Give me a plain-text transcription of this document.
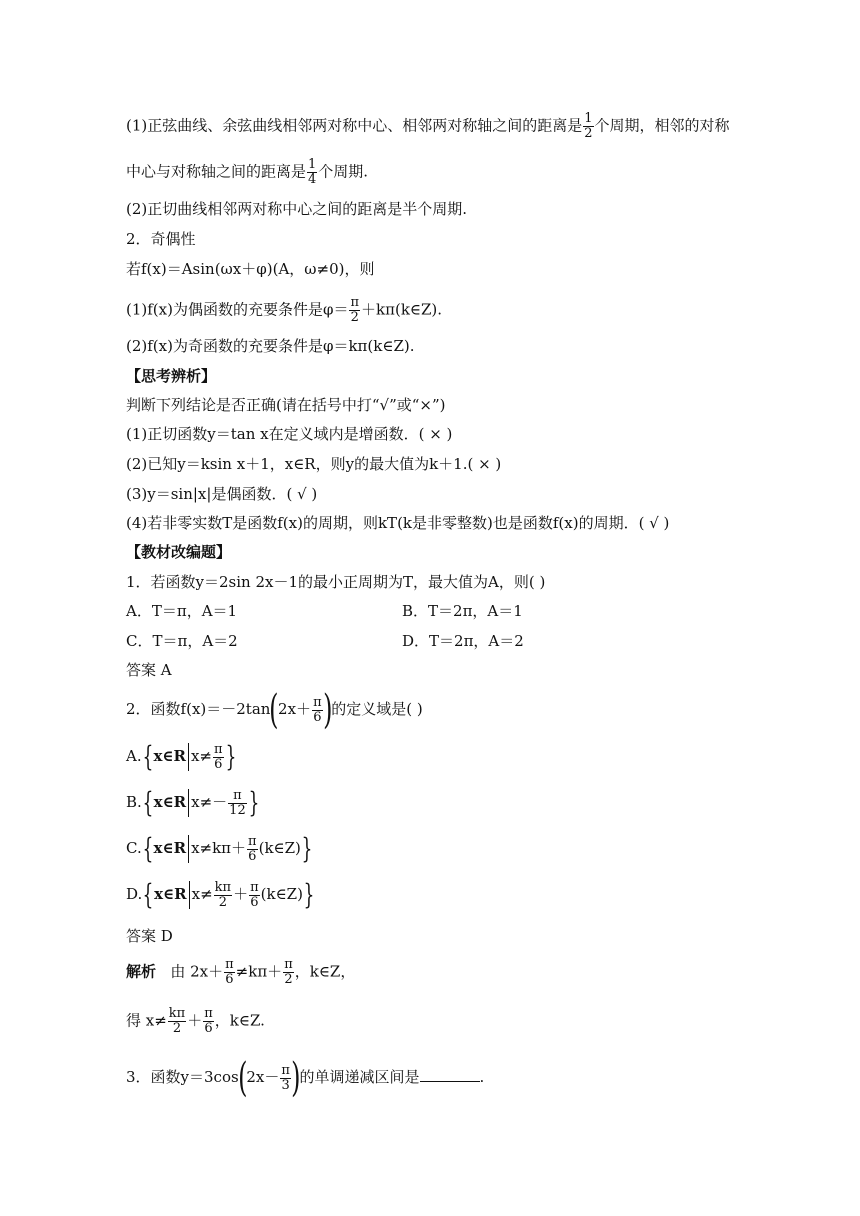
(1)正弦曲线、余弦曲线相邻两对称中心、相邻两对称轴之间的距离是 $\frac{1}{2}$ 个周期，相邻的对称
中心与对称轴之间的距离是 $\frac{1}{4}$ 个周期.
(2)正切曲线相邻两对称中心之间的距离是半个周期.
2．奇偶性
若f(x)＝Asin(ωx＋φ)(A，ω≠0)，则
(1)f(x)为偶函数的充要条件是$\varphi= \frac{\pi}{2}$ ＋kπ(k∈Z).
(2)f(x)为奇函数的充要条件是φ＝kπ(k∈Z).
【思考辨析】
判断下列结论是否正确(请在括号中打“√”或“×”)
(1)正切函数y＝tan x在定义域内是增函数．( × )
(2)已知y＝ksin x＋1，x∈R，则y的最大值为k＋1.( × )
(3)y＝sin|x|是偶函数．( √ )
(4)若非零实数T是函数f(x)的周期，则kT(k是非零整数)也是函数f(x)的周期．( √ )
【教材改编题】
1．若函数y＝2sin 2x－1的最小正周期为T，最大值为A，则( )
A．T＝π，A＝1	B．T＝2π，A＝1
C．T＝π，A＝2	D．T＝2π，A＝2
答案 A
2．函数$f(x)=-2\tan(2x+ \frac{\pi}{6}$ )的定义域是( )
A.{x∈R $x\ne \frac{\pi}{6}$ }
B.{x∈R $x\ne- \frac{\pi}{12}$ }
C.{x∈R $x\ne k\pi+ \frac{\pi}{6}$ (k∈Z)}
D.{x∈R $x\ne \frac{k\pi}{2} + \frac{\pi}{6}$ (k∈Z)}
答案 D
解析 由 $2x+ \frac{\pi}{6} \ne k\pi+ \frac{\pi}{2}$ ，k∈Z，
得 $x\ne \frac{k\pi}{2} + \frac{\pi}{6}$ ，k∈Z.
3．函数$y=3\cos(2x- \frac{\pi}{3}$ )的单调递减区间是	.
